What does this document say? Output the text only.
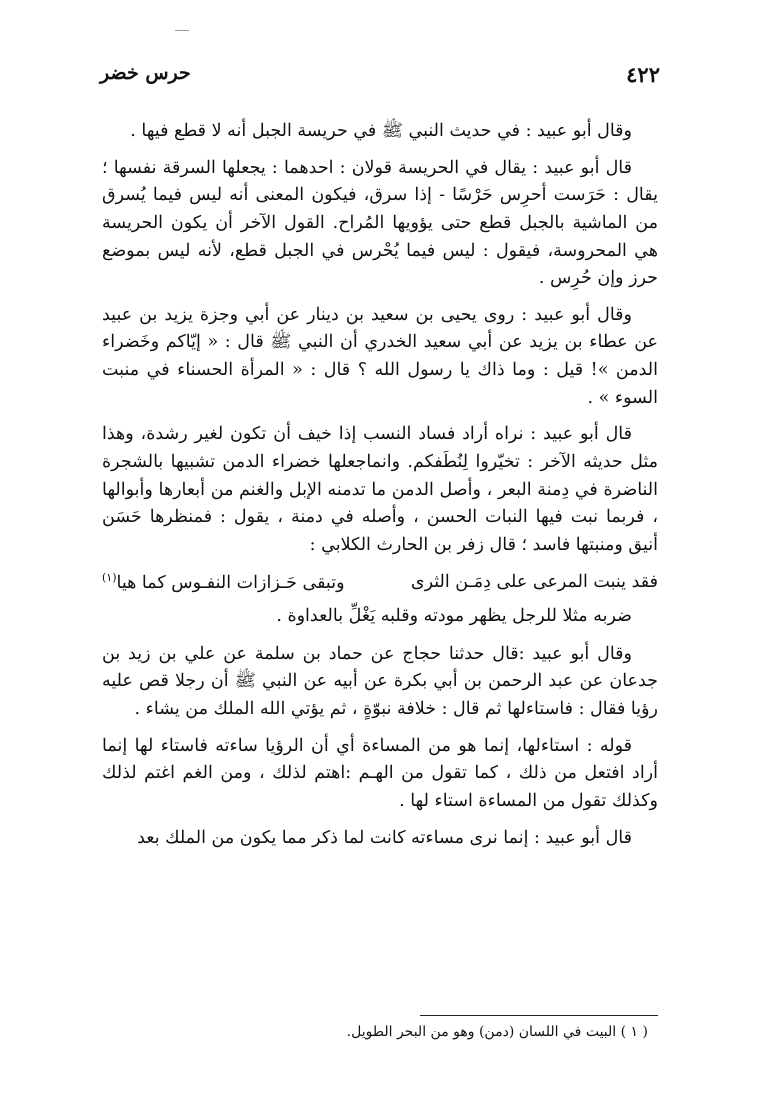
٤٢٢
حرس خضر

وقال أبو عبيد : في حديث النبي ﷺ في حريسة الجبل أنه لا قطع فيها .

قال أبو عبيد : يقال في الحريسة قولان : احدهما : يجعلها السرقة نفسها ؛ يقال : حَرَست أحرِس حَرْسًا - إذا سرق، فيكون المعنى أنه ليس فيما يُسرق من الماشية بالجبل قطع حتى يؤويها المُراح. القول الآخر أن يكون الحريسة هي المحروسة، فيقول : ليس فيما يُحْرس في الجبل قطع، لأنه ليس بموضع حرز وإن حُرِس .

وقال أبو عبيد : روى يحيى بن سعيد بن دينار عن أبي وجزة يزيد بن عبيد عن عطاء بن يزيد عن أبي سعيد الخدري أن النبي ﷺ قال : « إيّاكم وخَضراء الدمن »! قيل : وما ذاك يا رسول الله ؟ قال : « المرأة الحسناء في منبت السوء » .

قال أبو عبيد : نراه أراد فساد النسب إذا خيف أن تكون لغير رشدة، وهذا مثل حديثه الآخر : تخيّروا لِنُطَفكم. وانماجعلها خضراء الدمن تشبيها بالشجرة الناضرة في دِمنة البعر ، وأصل الدمن ما تدمنه الإبل والغنم من أبعارها وأبوالها ، فربما نبت فيها النبات الحسن ، وأصله في دمنة ، يقول : فمنظرها حَسَن أنيق ومنبتها فاسد ؛ قال زفر بن الحارث الكلابي :

فقد ينبت المرعى على دِمَـن الثرى
وتبقى حَـزازات النفـوس كما هيا$^{(١)}$

ضربه مثلا للرجل يظهر مودته وقلبه يَغْلِّ بالعداوة .

وقال أبو عبيد :قال حدثنا حجاج عن حماد بن سلمة عن علي بن زيد بن جدعان عن عبد الرحمن بن أبي بكرة عن أبيه عن النبي ﷺ أن رجلا قص عليه رؤيا فقال : فاستاءلها ثم قال : خلافة نبوّةٍ ، ثم يؤتي الله الملك من يشاء .

قوله : استاءلها، إنما هو من المساءة أي أن الرؤيا ساءته فاستاء لها إنما أراد افتعل من ذلك ، كما تقول من الهـم :اهتم لذلك ، ومن الغم اغتم لذلك وكذلك تقول من المساءة استاء لها .

قال أبو عبيد : إنما نرى مساءته كانت لما ذكر مما يكون من الملك بعد

( ١ ) البيت في اللسان (دمن) وهو من البحر الطويل.
